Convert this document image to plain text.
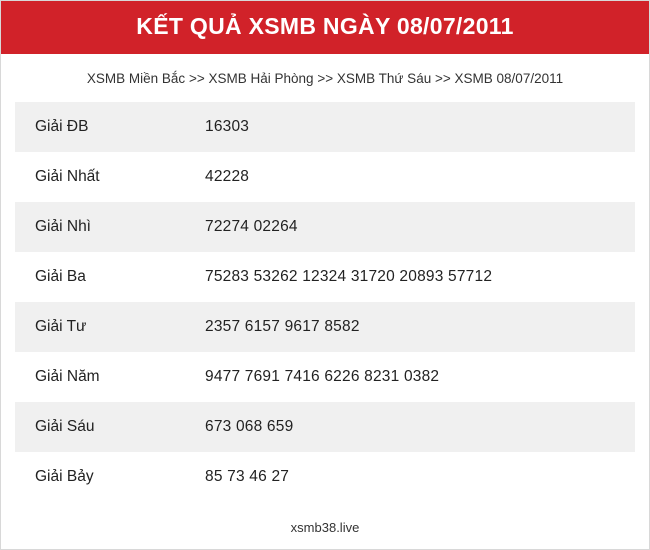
KẾT QUẢ XSMB NGÀY 08/07/2011
XSMB Miền Bắc >> XSMB Hải Phòng >> XSMB Thứ Sáu >> XSMB 08/07/2011
Giải ĐB	16303
Giải Nhất	42228
Giải Nhì	72274 02264
Giải Ba	75283 53262 12324 31720 20893 57712
Giải Tư	2357 6157 9617 8582
Giải Năm	9477 7691 7416 6226 8231 0382
Giải Sáu	673 068 659
Giải Bảy	85 73 46 27
xsmb38.live
